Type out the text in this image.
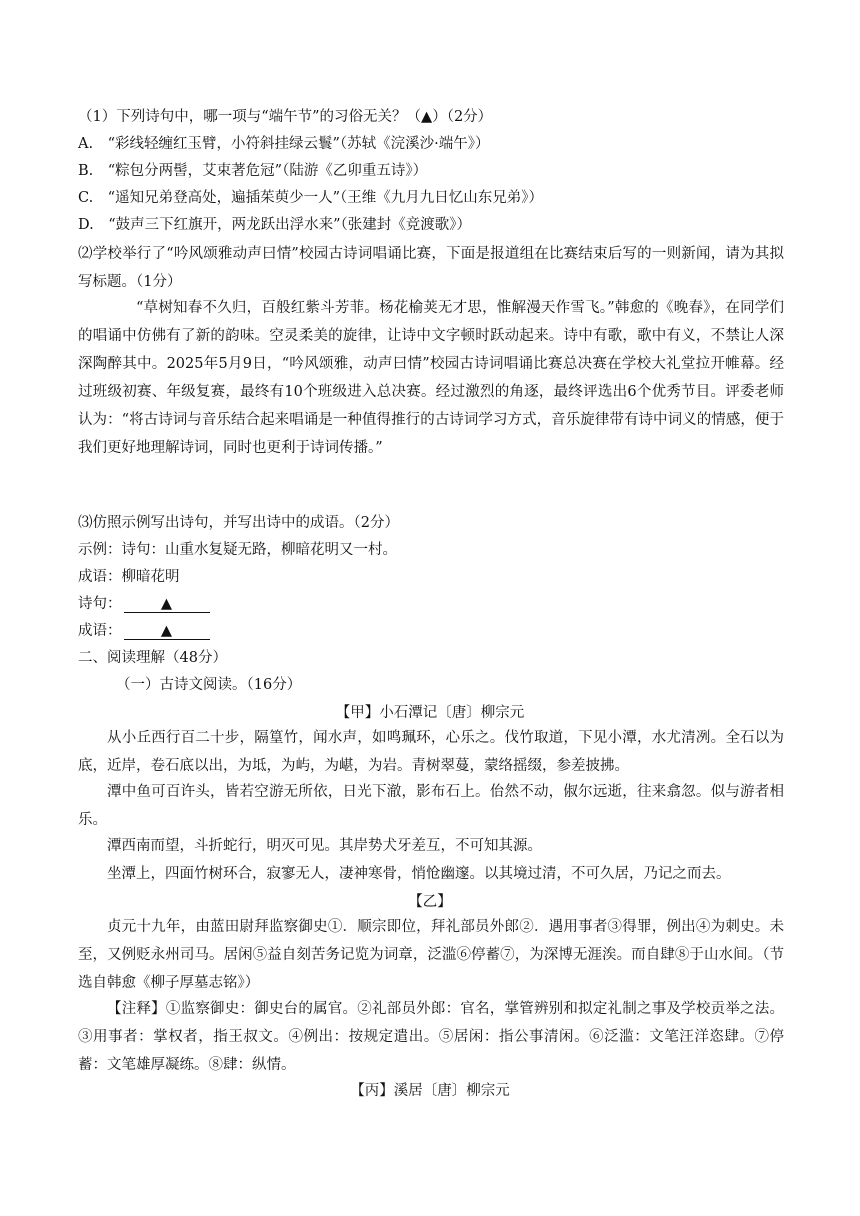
（1）下列诗句中，哪一项与“端午节”的习俗无关？（▲）（2分）
A.　“彩线轻缠红玉臂，小符斜挂绿云鬟”（苏轼《浣溪沙·端午》）
B.　“粽包分两髻，艾束著危冠”（陆游《乙卯重五诗》）
C.　“遥知兄弟登高处，遍插茱萸少一人”（王维《九月九日忆山东兄弟》）
D.　“鼓声三下红旗开，两龙跃出浮水来”（张建封《竞渡歌》）
⑵学校举行了“吟风颂雅动声曰情”校园古诗词唱诵比赛，下面是报道组在比赛结束后写的一则新闻，请为其拟写标题。（1分）
“草树知春不久归，百般红紫斗芳菲。杨花榆荚无才思，惟解漫天作雪飞。”韩愈的《晚春》，在同学们的唱诵中仿佛有了新的韵味。空灵柔美的旋律，让诗中文字顿时跃动起来。诗中有歌，歌中有义，不禁让人深深陶醉其中。2025年5月9日，“吟风颂雅，动声曰情”校园古诗词唱诵比赛总决赛在学校大礼堂拉开帷幕。经过班级初赛、年级复赛，最终有10个班级进入总决赛。经过激烈的角逐，最终评选出6个优秀节目。评委老师认为：“将古诗词与音乐结合起来唱诵是一种值得推行的古诗词学习方式，音乐旋律带有诗中词义的情感，便于我们更好地理解诗词，同时也更利于诗词传播。”
⑶仿照示例写出诗句，并写出诗中的成语。（2分）
示例：诗句：山重水复疑无路，柳暗花明又一村。
成语：柳暗花明
诗句：	▲
成语：	▲
二、阅读理解（48分）
（一）古诗文阅读。（16分）
【甲】小石潭记〔唐〕柳宗元
从小丘西行百二十步，隔篁竹，闻水声，如鸣珮环，心乐之。伐竹取道，下见小潭，水尤清冽。全石以为底，近岸，卷石底以出，为坻，为屿，为嵁，为岩。青树翠蔓，蒙络摇缀，参差披拂。
潭中鱼可百许头，皆若空游无所依，日光下澈，影布石上。佁然不动，俶尔远逝，往来翕忽。似与游者相乐。
潭西南而望，斗折蛇行，明灭可见。其岸势犬牙差互，不可知其源。
坐潭上，四面竹树环合，寂寥无人，凄神寒骨，悄怆幽邃。以其境过清，不可久居，乃记之而去。
【乙】
贞元十九年，由蓝田尉拜监察御史①．顺宗即位，拜礼部员外郎②．遇用事者③得罪，例出④为刺史。未至，又例贬永州司马。居闲⑤益自刻苦务记览为词章，泛滥⑥停蓄⑦，为深博无涯涘。而自肆⑧于山水间。（节选自韩愈《柳子厚墓志铭》）
【注释】①监察御史：御史台的属官。②礼部员外郎：官名，掌管辨别和拟定礼制之事及学校贡举之法。③用事者：掌权者，指王叔文。④例出：按规定遣出。⑤居闲：指公事清闲。⑥泛滥：文笔汪洋恣肆。⑦停蓄：文笔雄厚凝练。⑧肆：纵情。
【丙】溪居〔唐〕柳宗元
